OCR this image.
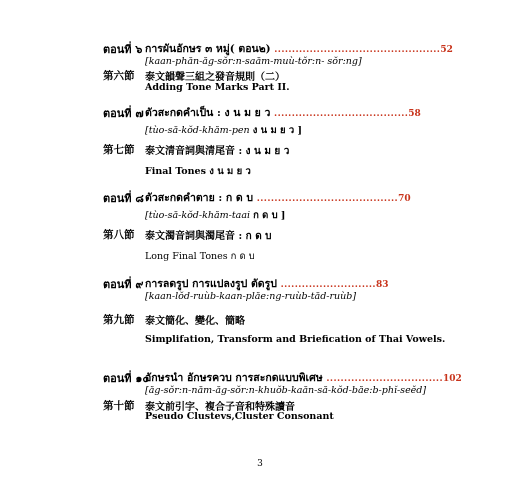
ตอนที่ ๖ การผันอักษร ๓ หมู่( ตอน๒) ...............................................52
[kaan-phăn-ăg-sŏr:n-saăm-muù-tŏr:n- sŏr:ng]
第六節 泰文韻聲三組之發音規則（二）
Adding Tone Marks Part II.
ตอนที่ ๗ ตัวสะกดคำเป็น : ง น ม ย ว ......................................58
[tùo-să-kŏd-khăm-pen ง น ม ย ว ]
第七節 泰文清音詞與清尾音 : ง น ม ย ว
Final Tones ง น ม ย ว
ตอนที่ ๘ ตัวสะกดคำตาย : ก ด บ ........................................70
[tùo-să-kŏd-khăm-taai ก ด บ ]
第八節 泰文濁音詞與濁尾音 : ก ด บ
Long Final Tones ก ด บ
ตอนที่ ๙ การลดรูป การแปลงรูป ตัดรูป ...........................83
[kaan-lŏd-ruùb-kaan-plăe:ng-ruùb-tăd-ruùb]
第九節 泰文簡化、變化、簡略
Simplifation, Transform and Briefication of Thai Vowels.
ตอนที่ ๑๐
อักษรนำ อักษรควบ การสะกดแบบพิเศษ .................................102
[ăg-sŏr:n-năm-ăg-sŏr:n-khuŏb-kaăn-să-kŏd-băe:b-phĭ-seĕd]
第十節 泰文前引字、複合子音和特殊讀音
Pseudo Clustevs,Cluster Consonant
3
